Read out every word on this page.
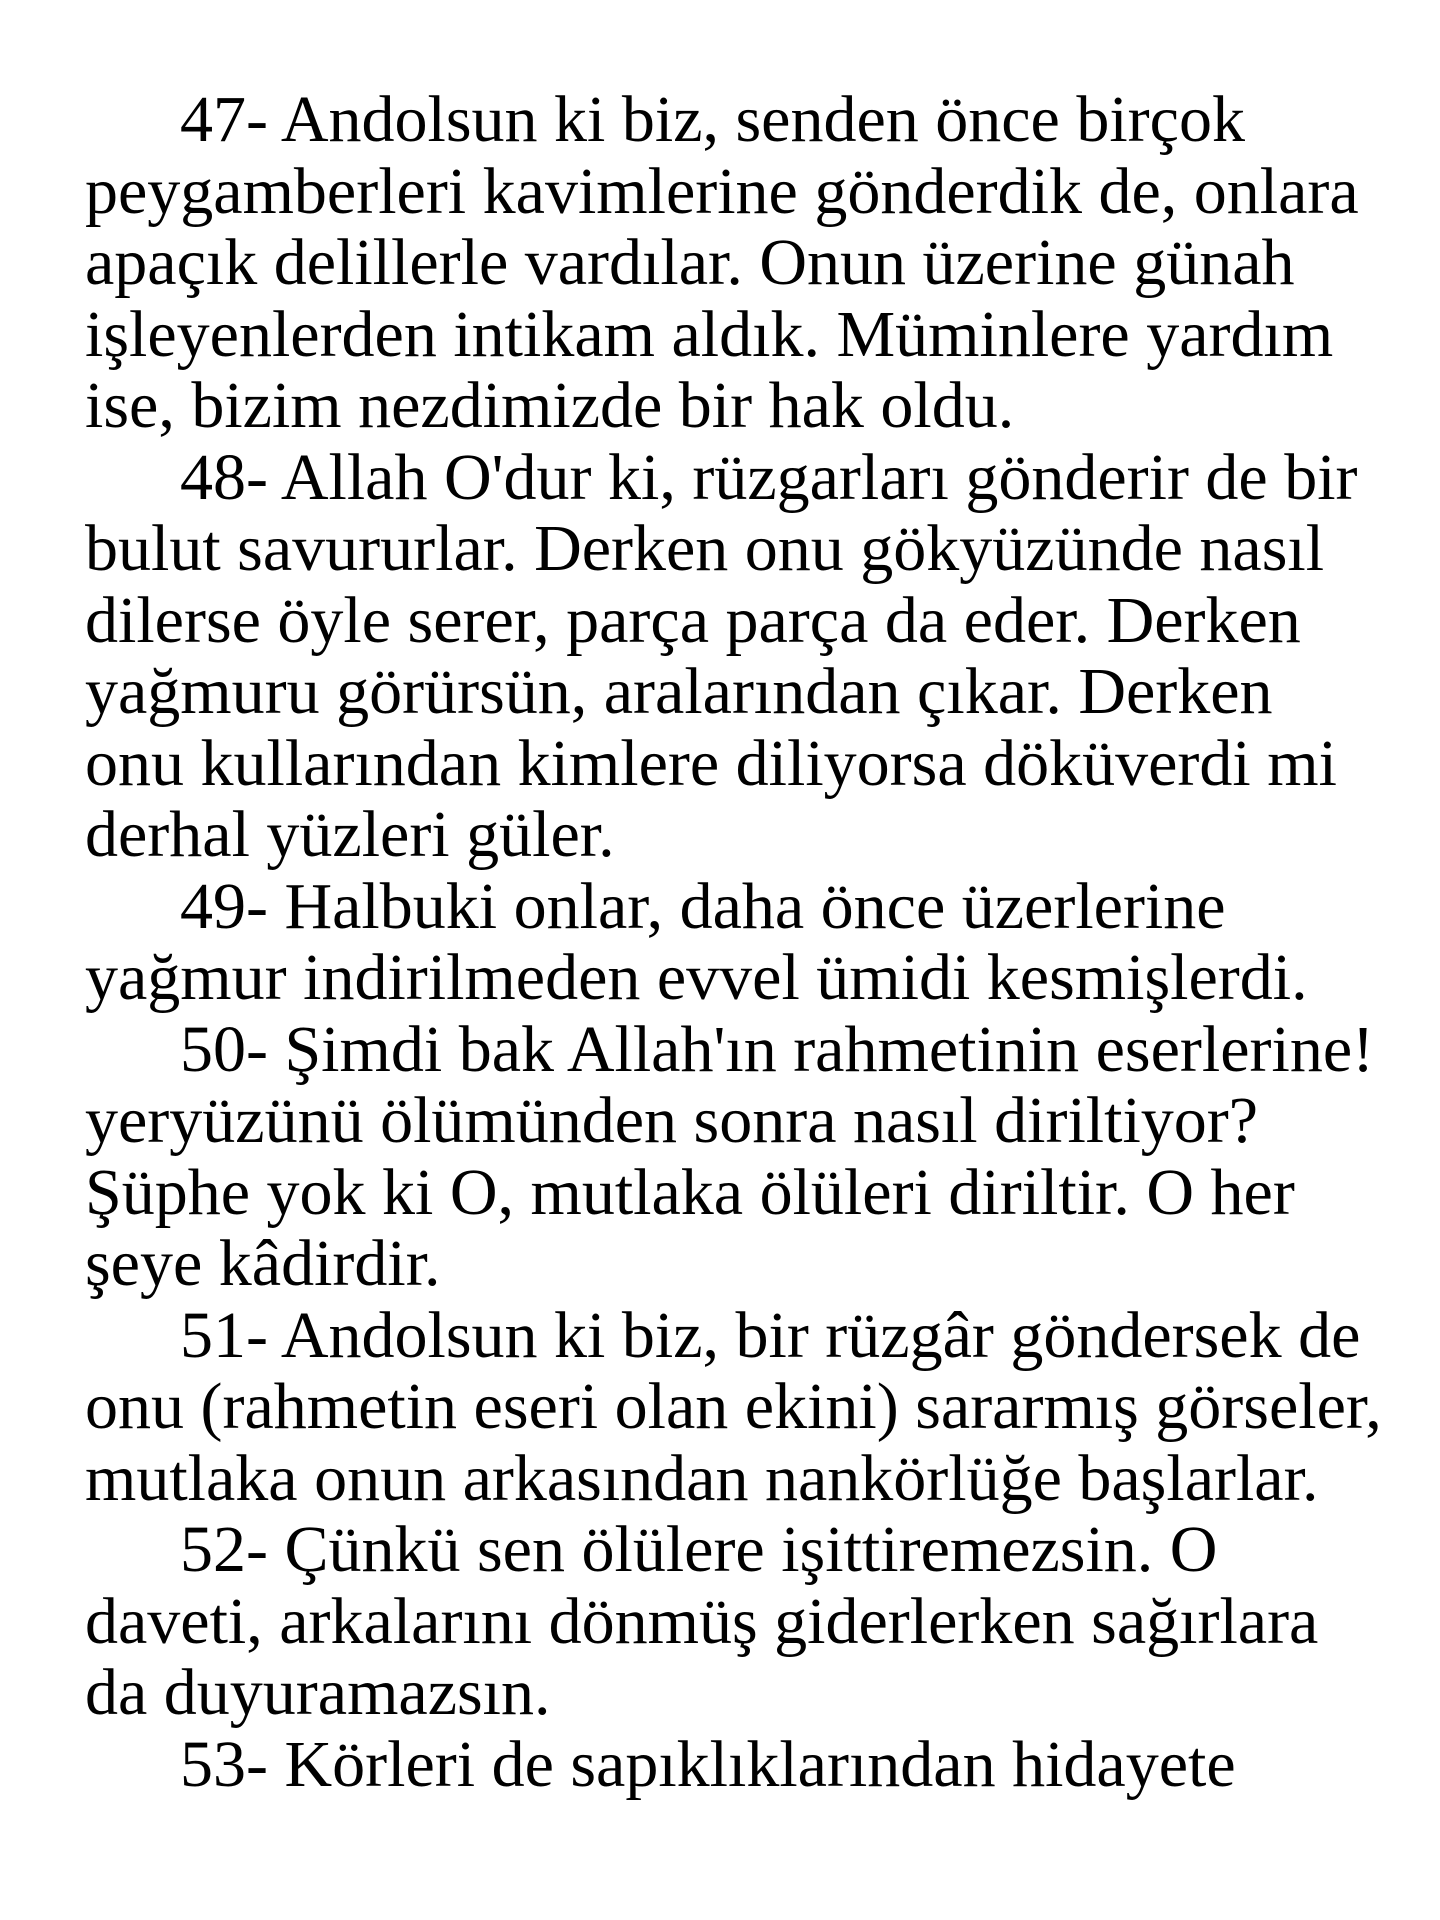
47- Andolsun ki biz, senden önce birçok
peygamberleri kavimlerine gönderdik de, onlara
apaçık delillerle vardılar. Onun üzerine günah
işleyenlerden intikam aldık. Müminlere yardım
ise, bizim nezdimizde bir hak oldu.
48- Allah O'dur ki, rüzgarları gönderir de bir
bulut savururlar. Derken onu gökyüzünde nasıl
dilerse öyle serer, parça parça da eder. Derken
yağmuru görürsün, aralarından çıkar. Derken
onu kullarından kimlere diliyorsa döküverdi mi
derhal yüzleri güler.
49- Halbuki onlar, daha önce üzerlerine
yağmur indirilmeden evvel ümidi kesmişlerdi.
50- Şimdi bak Allah'ın rahmetinin eserlerine!
yeryüzünü ölümünden sonra nasıl diriltiyor?
Şüphe yok ki O, mutlaka ölüleri diriltir. O her
şeye kâdirdir.
51- Andolsun ki biz, bir rüzgâr göndersek de
onu (rahmetin eseri olan ekini) sararmış görseler,
mutlaka onun arkasından nankörlüğe başlarlar.
52- Çünkü sen ölülere işittiremezsin. O
daveti, arkalarını dönmüş giderlerken sağırlara
da duyuramazsın.
53- Körleri de sapıklıklarından hidayete
